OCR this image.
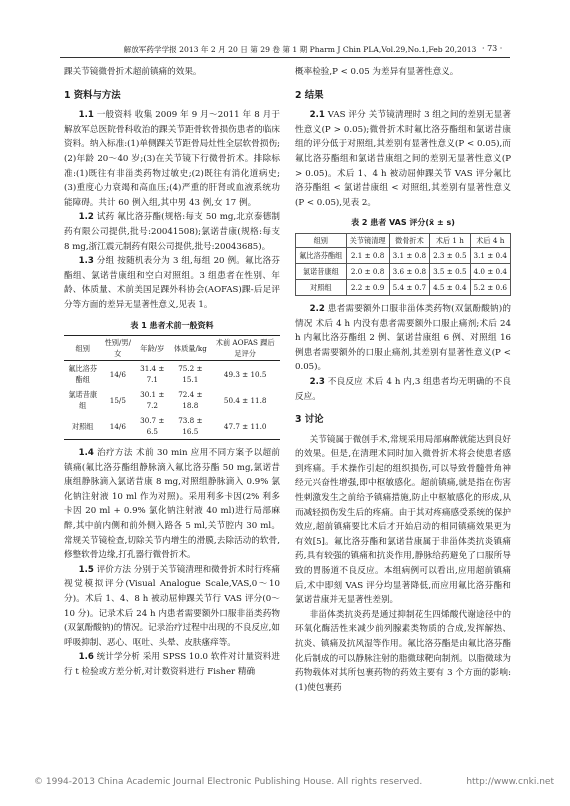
解放军药学学报 2013 年 2 月 20 日 第 29 卷 第 1 期 Pharm J Chin PLA,Vol.29,No.1,Feb 20,2013 · 73 ·

踝关节镜微骨折术超前镇痛的效果。

1 资料与方法

1.1 一般资料 收集 2009 年 9 月～2011 年 8 月于解放军总医院骨科收治的踝关节距骨软骨损伤患者的临床资料。纳入标准:(1)单侧踝关节距骨局灶性全层软骨损伤;(2)年龄 20～40 岁;(3)在关节镜下行微骨折术。排除标准:(1)既往有非甾类药物过敏史;(2)既往有消化道病史;(3)重度心力衰竭和高血压;(4)严重的肝肾或血液系统功能障碍。共计 60 例入组,其中男 43 例,女 17 例。

1.2 试药 氟比洛芬酯(规格:每支 50 mg,北京泰德制药有限公司提供,批号:20041508);氯诺昔康(规格:每支 8 mg,浙江震元制药有限公司提供,批号:20043685)。

1.3 分组 按随机表分为 3 组,每组 20 例。氟比洛芬酯组、氯诺昔康组和空白对照组。3 组患者在性别、年龄、体质量、术前美国足踝外科协会(AOFAS)踝-后足评分等方面的差异无显著性意义,见表 1。

表 1 患者术前一般资料
组别	性别/男/女	年龄/岁	体质量/kg	术前 AOFAS 踝后足评分
氟比洛芬酯组	14/6	31.4 ± 7.1	75.2 ± 15.1	49.3 ± 10.5
氯诺昔康组	15/5	30.1 ± 7.2	72.4 ± 18.8	50.4 ± 11.8
对照组	14/6	30.7 ± 6.5	73.8 ± 16.5	47.7 ± 11.0

1.4 治疗方法 术前 30 min 应用不同方案予以超前镇痛(氟比洛芬酯组静脉滴入氟比洛芬酯 50 mg,氯诺昔康组静脉滴入氯诺昔康 8 mg,对照组静脉滴入 0.9% 氯化钠注射液 10 ml 作为对照)。采用利多卡因(2% 利多卡因 20 ml + 0.9% 氯化钠注射液 40 ml)进行局部麻醉,其中前内侧和前外侧入路各 5 ml,关节腔内 30 ml。常规关节镜检查,切除关节内增生的滑膜,去除活动的软骨,修整软骨边缘,打孔器行微骨折术。

1.5 评价方法 分别于关节镜清理和微骨折术时行疼痛视觉模拟评分(Visual Analogue Scale,VAS,0～10 分)。术后 1、4、8 h 被动屈伸踝关节行 VAS 评分(0～10 分)。记录术后 24 h 内患者需要额外口服非甾类药物(双氯酚酸钠)的情况。记录治疗过程中出现的不良反应,如呼吸抑制、恶心、呕吐、头晕、皮肤瘙痒等。

1.6 统计学分析 采用 SPSS 10.0 软件对计量资料进行 t 检验或方差分析,对计数资料进行 Fisher 精确

概率检验,P < 0.05 为差异有显著性意义。

2 结果

2.1 VAS 评分 关节镜清理时 3 组之间的差别无显著性意义(P > 0.05);微骨折术时氟比洛芬酯组和氯诺昔康组的评分低于对照组,其差别有显著性意义(P < 0.05),而氟比洛芬酯组和氯诺昔康组之间的差别无显著性意义(P > 0.05)。术后 1、4 h 被动屈伸踝关节 VAS 评分氟比洛芬酯组 < 氯诺昔康组 < 对照组,其差别有显著性意义(P < 0.05),见表 2。

表 2 患者 VAS 评分(x̄ ± s)
组别	关节镜清理	微骨折术	术后 1 h	术后 4 h
氟比洛芬酯组	2.1 ± 0.8	3.1 ± 0.8	2.3 ± 0.5	3.1 ± 0.4
氯诺昔康组	2.0 ± 0.8	3.6 ± 0.8	3.5 ± 0.5	4.0 ± 0.4
对照组	2.2 ± 0.9	5.4 ± 0.7	4.5 ± 0.4	5.2 ± 0.6

2.2 患者需要额外口服非甾体类药物(双氯酚酸钠)的情况 术后 4 h 内没有患者需要额外口服止痛剂;术后 24 h 内氟比洛芬酯组 2 例、氯诺昔康组 6 例、对照组 16 例患者需要额外的口服止痛剂,其差别有显著性意义(P < 0.05)。

2.3 不良反应 术后 4 h 内,3 组患者均无明确的不良反应。

3 讨论

关节镜属于微创手术,常规采用局部麻醉就能达到良好的效果。但是,在清理术同时加入微骨折术将会使患者感到疼痛。手术操作引起的组织损伤,可以导致骨髓骨角神经元兴奋性增强,即中枢敏感化。超前镇痛,就是指在伤害性刺激发生之前给予镇痛措施,防止中枢敏感化的形成,从而减轻损伤发生后的疼痛。由于其对疼痛感受系统的保护效应,超前镇痛要比术后才开始启动的相同镇痛效果更为有效[5]。氟比洛芬酯和氯诺昔康属于非甾体类抗炎镇痛药,具有较强的镇痛和抗炎作用,静脉给药避免了口服所导致的胃肠道不良反应。本组病例可以看出,应用超前镇痛后,术中即刻 VAS 评分均显著降低,而应用氟比洛芬酯和氯诺昔康并无显著性差别。

非甾体类抗炎药是通过抑制花生四烯酸代谢途径中的环氧化酶活性来减少前列腺素类物质的合成,发挥解热、抗炎、镇痛及抗风湿等作用。氟比洛芬酯是由氟比洛芬酯化后制成的可以静脉注射的脂微球靶向制剂。以脂微球为药物载体对其所包裹药物的药效主要有 3 个方面的影响:(1)使包裹药

© 1994-2013 China Academic Journal Electronic Publishing House. All rights reserved.	http://www.cnki.net
